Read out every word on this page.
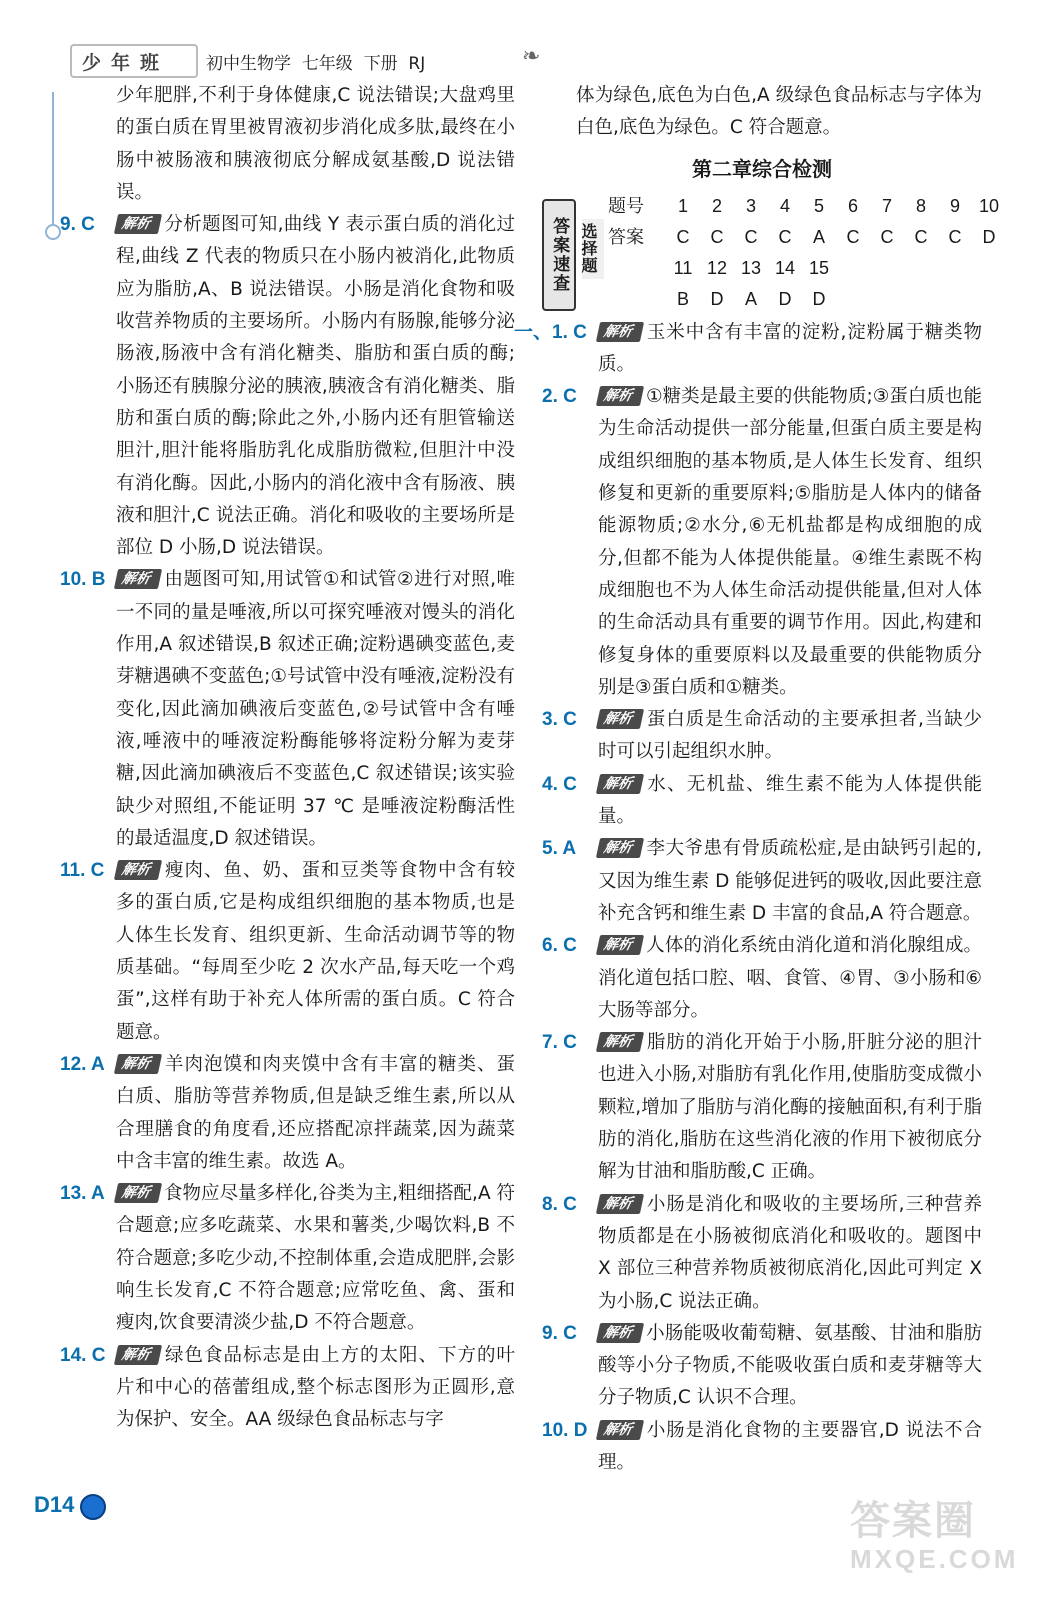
少年班 初中生物学  七年级  下册  RJ	❧

少年肥胖,不利于身体健康,C 说法错误;大盘鸡里的蛋白质在胃里被胃液初步消化成多肽,最终在小肠中被肠液和胰液彻底分解成氨基酸,D 说法错误。

9. C 解析 分析题图可知,曲线 Y 表示蛋白质的消化过程,曲线 Z 代表的物质只在小肠内被消化,此物质应为脂肪,A、B 说法错误。小肠是消化食物和吸收营养物质的主要场所。小肠内有肠腺,能够分泌肠液,肠液中含有消化糖类、脂肪和蛋白质的酶;小肠还有胰腺分泌的胰液,胰液含有消化糖类、脂肪和蛋白质的酶;除此之外,小肠内还有胆管输送胆汁,胆汁能将脂肪乳化成脂肪微粒,但胆汁中没有消化酶。因此,小肠内的消化液中含有肠液、胰液和胆汁,C 说法正确。消化和吸收的主要场所是部位 D 小肠,D 说法错误。

10. B 解析 由题图可知,用试管①和试管②进行对照,唯一不同的量是唾液,所以可探究唾液对馒头的消化作用,A 叙述错误,B 叙述正确;淀粉遇碘变蓝色,麦芽糖遇碘不变蓝色;①号试管中没有唾液,淀粉没有变化,因此滴加碘液后变蓝色,②号试管中含有唾液,唾液中的唾液淀粉酶能够将淀粉分解为麦芽糖,因此滴加碘液后不变蓝色,C 叙述错误;该实验缺少对照组,不能证明 37 ℃ 是唾液淀粉酶活性的最适温度,D 叙述错误。

11. C 解析 瘦肉、鱼、奶、蛋和豆类等食物中含有较多的蛋白质,它是构成组织细胞的基本物质,也是人体生长发育、组织更新、生命活动调节等的物质基础。“每周至少吃 2 次水产品,每天吃一个鸡蛋”,这样有助于补充人体所需的蛋白质。C 符合题意。

12. A 解析 羊肉泡馍和肉夹馍中含有丰富的糖类、蛋白质、脂肪等营养物质,但是缺乏维生素,所以从合理膳食的角度看,还应搭配凉拌蔬菜,因为蔬菜中含丰富的维生素。故选 A。

13. A 解析 食物应尽量多样化,谷类为主,粗细搭配,A 符合题意;应多吃蔬菜、水果和薯类,少喝饮料,B 不符合题意;多吃少动,不控制体重,会造成肥胖,会影响生长发育,C 不符合题意;应常吃鱼、禽、蛋和瘦肉,饮食要清淡少盐,D 不符合题意。

14. C 解析 绿色食品标志是由上方的太阳、下方的叶片和中心的蓓蕾组成,整个标志图形为正圆形,意为保护、安全。AA 级绿色食品标志与字

体为绿色,底色为白色,A 级绿色食品标志与字体为白色,底色为绿色。C 符合题意。

第二章综合检测
答案速查 选择题
题号 1 2 3 4 5 6 7 8 9 10
答案 C C C C A C C C C D
11 12 13 14 15
B D A D D

一、1. C 解析 玉米中含有丰富的淀粉,淀粉属于糖类物质。

2. C 解析 ①糖类是最主要的供能物质;③蛋白质也能为生命活动提供一部分能量,但蛋白质主要是构成组织细胞的基本物质,是人体生长发育、组织修复和更新的重要原料;⑤脂肪是人体内的储备能源物质;②水分,⑥无机盐都是构成细胞的成分,但都不能为人体提供能量。④维生素既不构成细胞也不为人体生命活动提供能量,但对人体的生命活动具有重要的调节作用。因此,构建和修复身体的重要原料以及最重要的供能物质分别是③蛋白质和①糖类。

3. C 解析 蛋白质是生命活动的主要承担者,当缺少时可以引起组织水肿。

4. C 解析 水、无机盐、维生素不能为人体提供能量。

5. A 解析 李大爷患有骨质疏松症,是由缺钙引起的,又因为维生素 D 能够促进钙的吸收,因此要注意补充含钙和维生素 D 丰富的食品,A 符合题意。

6. C 解析 人体的消化系统由消化道和消化腺组成。消化道包括口腔、咽、食管、④胃、③小肠和⑥大肠等部分。

7. C 解析 脂肪的消化开始于小肠,肝脏分泌的胆汁也进入小肠,对脂肪有乳化作用,使脂肪变成微小颗粒,增加了脂肪与消化酶的接触面积,有利于脂肪的消化,脂肪在这些消化液的作用下被彻底分解为甘油和脂肪酸,C 正确。

8. C 解析 小肠是消化和吸收的主要场所,三种营养物质都是在小肠被彻底消化和吸收的。题图中 X 部位三种营养物质被彻底消化,因此可判定 X 为小肠,C 说法正确。

9. C 解析 小肠能吸收葡萄糖、氨基酸、甘油和脂肪酸等小分子物质,不能吸收蛋白质和麦芽糖等大分子物质,C 认识不合理。

10. D 解析 小肠是消化食物的主要器官,D 说法不合理。

D14	答案圈
MXQE.COM
